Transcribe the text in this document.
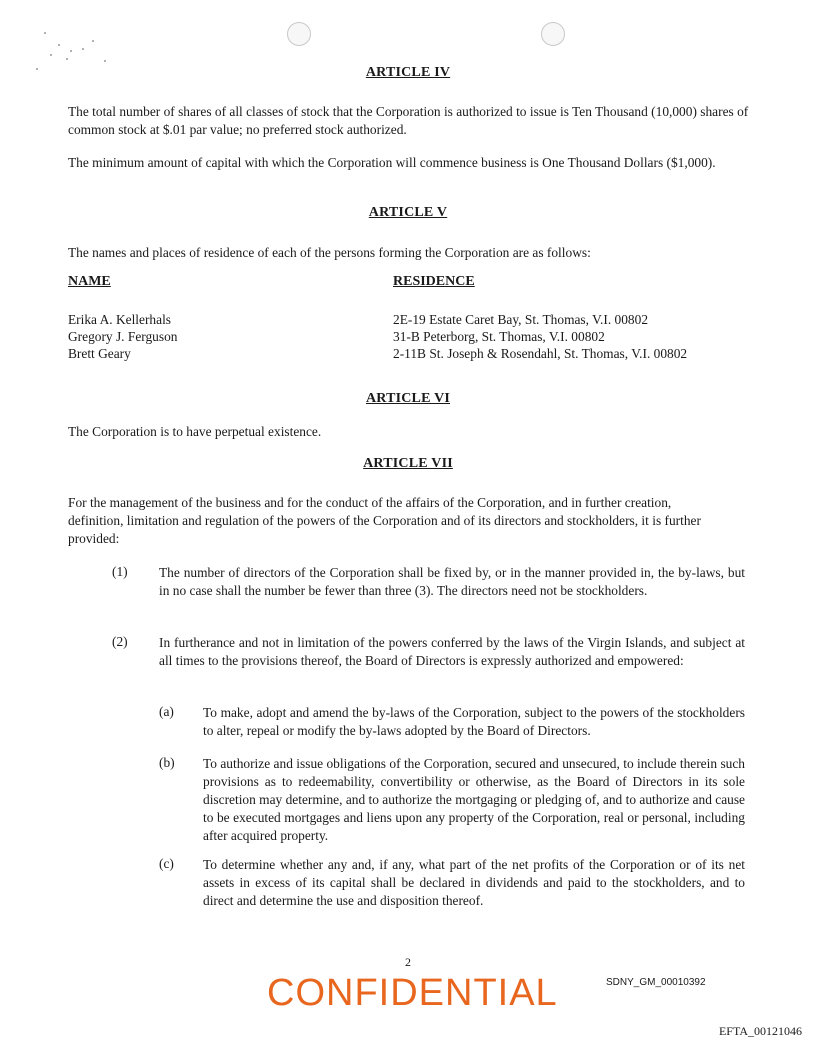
ARTICLE IV
The total number of shares of all classes of stock that the Corporation is authorized to issue is Ten Thousand (10,000) shares of common stock at $.01 par value; no preferred stock authorized.
The minimum amount of capital with which the Corporation will commence business is One Thousand Dollars ($1,000).
ARTICLE V
The names and places of residence of each of the persons forming the Corporation are as follows:
NAME	RESIDENCE
Erika A. Kellerhals	2E-19 Estate Caret Bay, St. Thomas, V.I. 00802
Gregory J. Ferguson	31-B Peterborg, St. Thomas, V.I. 00802
Brett Geary	2-11B St. Joseph & Rosendahl, St. Thomas, V.I. 00802
ARTICLE VI
The Corporation is to have perpetual existence.
ARTICLE VII
For the management of the business and for the conduct of the affairs of the Corporation, and in further creation, definition, limitation and regulation of the powers of the Corporation and of its directors and stockholders, it is further provided:
(1) The number of directors of the Corporation shall be fixed by, or in the manner provided in, the by-laws, but in no case shall the number be fewer than three (3). The directors need not be stockholders.
(2) In furtherance and not in limitation of the powers conferred by the laws of the Virgin Islands, and subject at all times to the provisions thereof, the Board of Directors is expressly authorized and empowered:
(a) To make, adopt and amend the by-laws of the Corporation, subject to the powers of the stockholders to alter, repeal or modify the by-laws adopted by the Board of Directors.
(b) To authorize and issue obligations of the Corporation, secured and unsecured, to include therein such provisions as to redeemability, convertibility or otherwise, as the Board of Directors in its sole discretion may determine, and to authorize the mortgaging or pledging of, and to authorize and cause to be executed mortgages and liens upon any property of the Corporation, real or personal, including after acquired property.
(c) To determine whether any and, if any, what part of the net profits of the Corporation or of its net assets in excess of its capital shall be declared in dividends and paid to the stockholders, and to direct and determine the use and disposition thereof.
2
CONFIDENTIAL	SDNY_GM_00010392
EFTA_00121046
